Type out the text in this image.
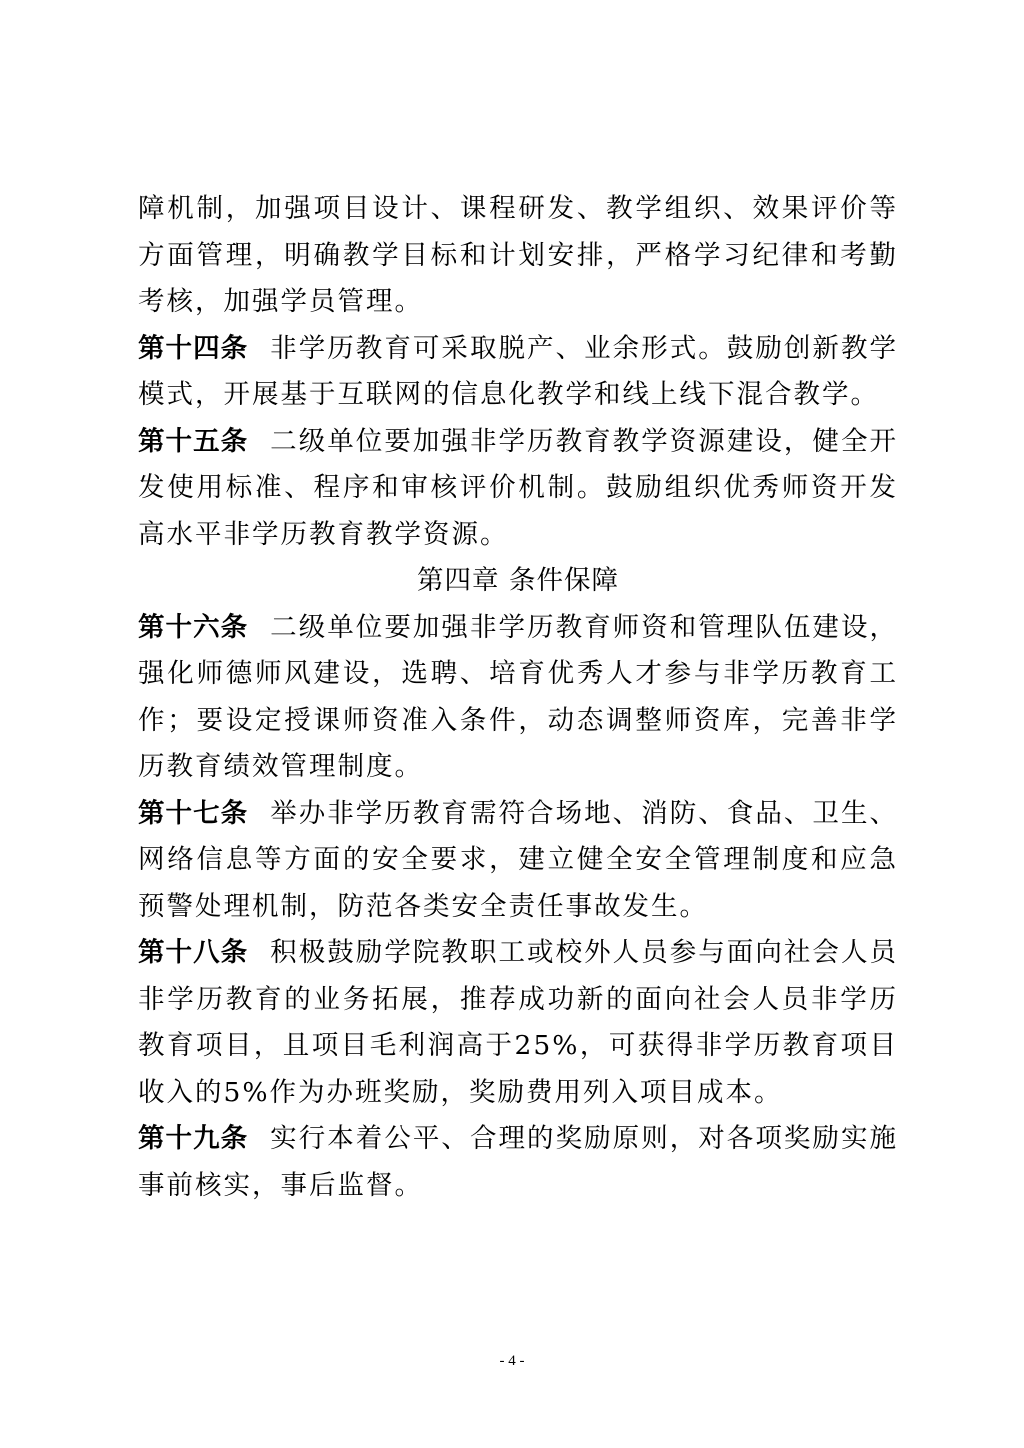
障机制，加强项目设计、课程研发、教学组织、效果评价等方面管理，明确教学目标和计划安排，严格学习纪律和考勤考核，加强学员管理。

第十四条 非学历教育可采取脱产、业余形式。鼓励创新教学模式，开展基于互联网的信息化教学和线上线下混合教学。

第十五条 二级单位要加强非学历教育教学资源建设，健全开发使用标准、程序和审核评价机制。鼓励组织优秀师资开发高水平非学历教育教学资源。

第四章 条件保障

第十六条 二级单位要加强非学历教育师资和管理队伍建设，强化师德师风建设，选聘、培育优秀人才参与非学历教育工作；要设定授课师资准入条件，动态调整师资库，完善非学历教育绩效管理制度。

第十七条 举办非学历教育需符合场地、消防、食品、卫生、网络信息等方面的安全要求，建立健全安全管理制度和应急预警处理机制，防范各类安全责任事故发生。

第十八条 积极鼓励学院教职工或校外人员参与面向社会人员非学历教育的业务拓展，推荐成功新的面向社会人员非学历教育项目，且项目毛利润高于25%，可获得非学历教育项目收入的5%作为办班奖励，奖励费用列入项目成本。

第十九条 实行本着公平、合理的奖励原则，对各项奖励实施事前核实，事后监督。

- 4 -
